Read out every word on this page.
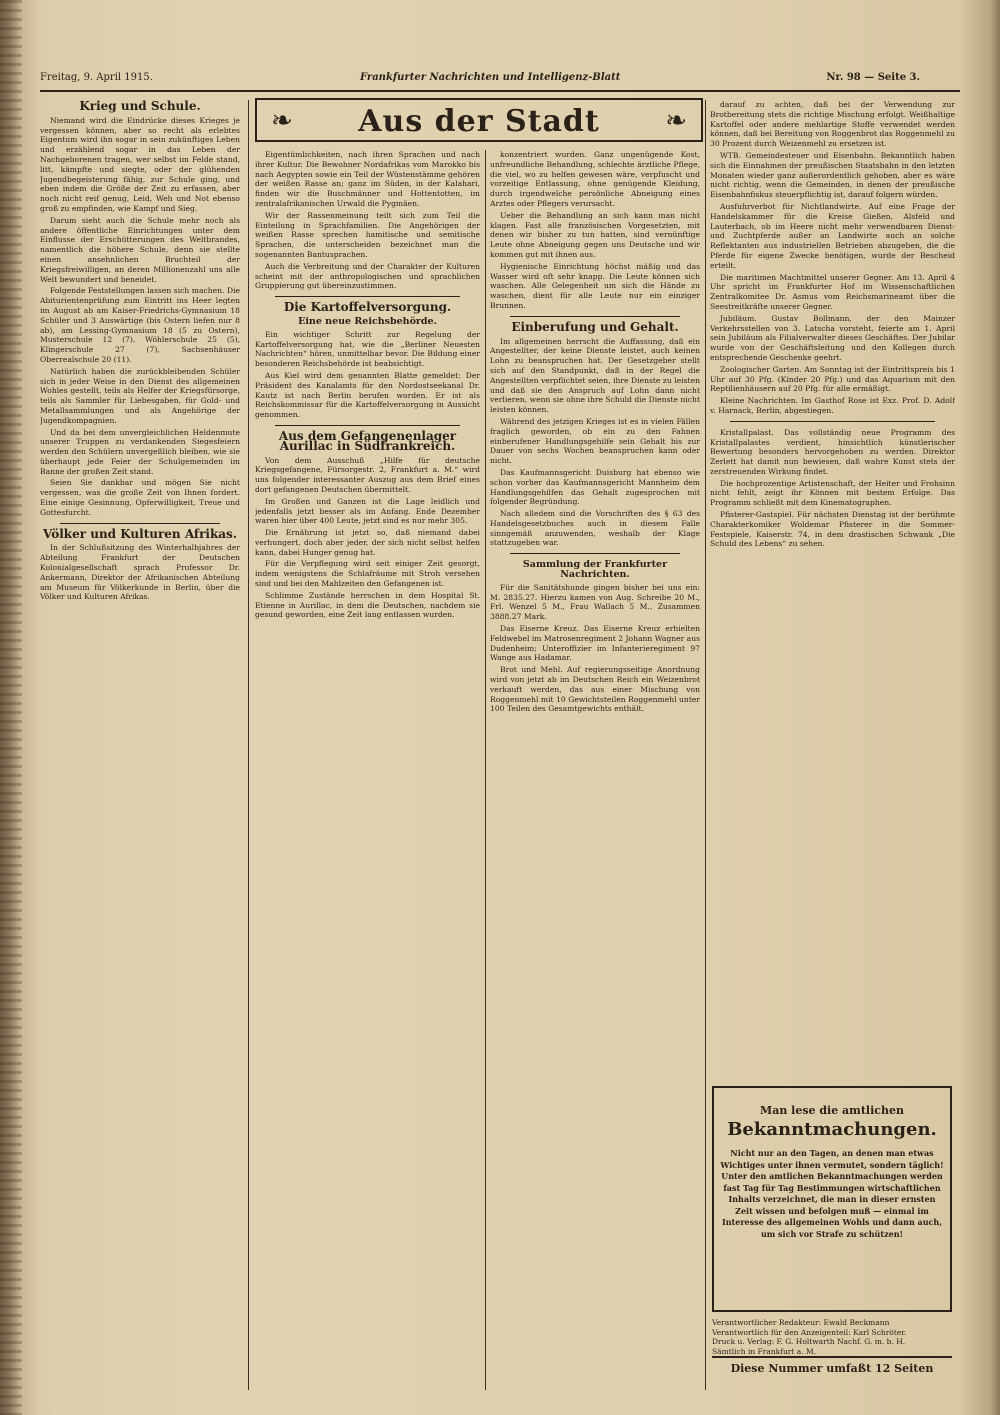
Freitag, 9. April 1915.	Frankfurter Nachrichten und Intelligenz-Blatt	Nr. 98 — Seite 3.
❧	Aus der Stadt	❧
Krieg und Schule.

Niemand wird die Eindrücke dieses Krieges je vergessen können, aber so recht als erlebtes Eigentum wird ihn sogar in sein zukünftiges Leben und erzählend sogar in das Leben der Nachgeborenen tragen, wer selbst im Felde stand, litt, kämpfte und siegte, oder der glühenden Jugendbegeisterung fähig, zur Schule ging, und eben indem die Größe der Zeit zu erfassen, aber noch nicht reif genug, Leid, Weh und Not ebenso groß zu empfinden, wie Kampf und Sieg.

Darum sieht auch die Schule mehr noch als andere öffentliche Einrichtungen unter dem Einflusse der Erschütterungen des Weltbrandes, namentlich die höhere Schule, denn sie stellte einen ansehnlichen Bruchteil der Kriegsfreiwilligen, an deren Millionenzahl uns alle Welt bewundert und beneidet.

Folgende Feststellungen lassen sich machen. Die Abiturientenprüfung zum Eintritt ins Heer legten im August ab am Kaiser-Friedrichs-Gymnasium 18 Schüler und 3 Auswärtige (bis Ostern liefen nur 8 ab), am Lessing-Gymnasium 18 (5 zu Ostern), Musterschule 12 (7), Wöhlerschule 25 (5), Klingerschule 27 (7), Sachsenhäuser Oberrealschule 20 (11).

Natürlich haben die zurückbleibenden Schüler sich in jeder Weise in den Dienst des allgemeinen Wohles gestellt, teils als Helfer der Kriegsfürsorge, teils als Sammler für Liebesgaben, für Gold- und Metallsammlungen und als Angehörige der Jugendkompagnien.

Und da bei dem unvergleichlichen Heldenmute unserer Truppen zu verdankenden Siegesfeiern werden den Schülern unvergeßlich bleiben, wie sie überhaupt jede Feier der Schulgemeinden im Banne der großen Zeit stand.

Seien Sie dankbar und mögen Sie nicht vergessen, was die große Zeit von Ihnen fordert. Eine einige Gesinnung, Opferwilligkeit, Treue und Gottesfurcht.

Völker und Kulturen Afrikas.

In der Schlußsitzung des Winterhalbjahres der Abteilung Frankfurt der Deutschen Kolonialgesellschaft sprach Professor Dr. Ankermann, Direktor der Afrikanischen Abteilung am Museum für Völkerkunde in Berlin, über die Völker und Kulturen Afrikas.

Eigentümlichkeiten, nach ihren Sprachen und nach ihrer Kultur. Die Bewohner Nordafrikas vom Marokko bis nach Aegypten sowie ein Teil der Wüstenstämme gehören der weißen Rasse an; ganz im Süden, in der Kalahari, finden wir die Buschmänner und Hottentotten, im zentralafrikanischen Urwald die Pygmäen.

Wir der Rassenmeinung teilt sich zum Teil die Einteilung in Sprachfamilien. Die Angehörigen der weißen Rasse sprechen hamitische und semitische Sprachen, die unterscheiden bezeichnet man die sogenannten Bantusprachen.

Auch die Verbreitung und der Charakter der Kulturen scheint mit der anthropologischen und sprachlichen Gruppierung gut übereinzustimmen.

Die Kartoffelversorgung.
Eine neue Reichsbehörde.

Ein wichtiger Schritt zur Regelung der Kartoffelversorgung hat, wie die „Berliner Neuesten Nachrichten“ hören, unmittelbar bevor. Die Bildung einer besonderen Reichsbehörde ist beabsichtigt.

Aus Kiel wird dem genannten Blatte gemeldet: Der Präsident des Kanalamts für den Nordostseekanal Dr. Kautz ist nach Berlin berufen worden. Er ist als Reichskommissar für die Kartoffelversorgung in Aussicht genommen.

Aus dem Gefangenenlager Aurillac in Südfrankreich.

Von dem Ausschuß „Hilfe für deutsche Kriegsgefangene, Fürsorgestr. 2, Frankfurt a. M.“ wird uns folgender interessanter Auszug aus dem Brief eines dort gefangenen Deutschen übermittelt.

Im Großen und Ganzen ist die Lage leidlich und jedenfalls jetzt besser als im Anfang. Ende Dezember waren hier über 400 Leute, jetzt sind es nur mehr 305.

Die Ernährung ist jetzt so, daß niemand dabei verhungert, doch aber jeder, der sich nicht selbst helfen kann, dabei Hunger genug hat.

Für die Verpflegung wird seit einiger Zeit gesorgt, indem wenigstens die Schlafräume mit Stroh versehen sind und bei den Mahlzeiten den Gefangenen ist.

Schlimme Zustände herrschen in dem Hospital St. Etienne in Aurillac, in dem die Deutschen, nachdem sie gesund geworden, eine Zeit lang entlassen wurden.

konzentriert wurden. Ganz ungenügende Kost, unfreundliche Behandlung, schlechte ärztliche Pflege, die viel, wo zu helfen gewesen wäre, verpfuscht und vorzeitige Entlassung, ohne genügende Kleidung, durch irgendwelche persönliche Abneigung eines Arztes oder Pflegers verursacht.

Ueber die Behandlung an sich kann man nicht klagen. Fast alle französischen Vorgesetzten, mit denen wir bisher zu tun hatten, sind vernünftige Leute ohne Abneigung gegen uns Deutsche und wir kommen gut mit ihnen aus.

Hygienische Einrichtung höchst mäßig und das Wasser wird oft sehr knapp. Die Leute können sich waschen. Alle Gelegenheit um sich die Hände zu waschen, dient für alle Leute nur ein einziger Brunnen.

Einberufung und Gehalt.

Im allgemeinen herrscht die Auffassung, daß ein Angestellter, der keine Dienste leistet, auch keinen Lohn zu beanspruchen hat. Der Gesetzgeber stellt sich auf den Standpunkt, daß in der Regel die Angestellten verpflichtet seien, ihre Dienste zu leisten und daß sie den Anspruch auf Lohn dann nicht verlieren, wenn sie ohne ihre Schuld die Dienste nicht leisten können.

Während des jetzigen Krieges ist es in vielen Fällen fraglich geworden, ob ein zu den Fahnen einberufener Handlungsgehilfe sein Gehalt bis zur Dauer von sechs Wochen beanspruchen kann oder nicht.

Das Kaufmannsgericht Duisburg hat ebenso wie schon vorher das Kaufmannsgericht Mannheim dem Handlungsgehilfen das Gehalt zugesprochen mit folgender Begründung.

Nach alledem sind die Vorschriften des § 63 des Handelsgesetzbuches auch in diesem Falle sinngemäß anzuwenden, weshalb der Klage stattzugeben war.

Sammlung der Frankfurter Nachrichten.

Für die Sanitätshunde gingen bisher bei uns ein: M. 2835.27. Hierzu kamen von Aug. Schreibe 20 M., Frl. Wenzel 5 M., Frau Wallach 5 M., Zusammen 3888.27 Mark.

Das Eiserne Kreuz. Das Eiserne Kreuz erhielten Feldwebel im Matrosenregiment 2 Johann Wagner aus Dudenheim; Unteroffizier im Infanterieregiment 97 Wange aus Hadamar.

Brot und Mehl. Auf regierungsseitige Anordnung wird von jetzt ab im Deutschen Reich ein Weizenbrot verkauft werden, das aus einer Mischung von Roggenmehl mit 10 Gewichtsteilen Roggenmehl unter 100 Teilen des Gesamtgewichts enthält.

darauf zu achten, daß bei der Verwendung zur Brotbereitung stets die richtige Mischung erfolgt. Weißhaltige Kartoffel oder andere mehlartige Stoffe verwendet werden können, daß bei Bereitung von Roggenbrot das Roggenmehl zu 30 Prozent durch Weizenmehl zu ersetzen ist.

WTB. Gemeindesteuer und Eisenbahn. Bekanntlich haben sich die Einnahmen der preußischen Staatsbahn in den letzten Monaten wieder ganz außerordentlich gehoben, aber es wäre nicht richtig, wenn die Gemeinden, in denen der preußische Eisenbahnfiskus steuerpflichtig ist, darauf folgern würden.

Ausfuhrverbot für Nichtlandwirte. Auf eine Frage der Handelskammer für die Kreise Gießen, Alsfeld und Lauterbach, ob im Heere nicht mehr verwendbaren Dienst- und Zuchtpferde außer an Landwirte auch an solche Reflektanten aus industriellen Betrieben abzugeben, die die Pferde für eigene Zwecke benötigen, wurde der Bescheid erteilt.

Die maritimen Machtmittel unserer Gegner. Am 13. April 4 Uhr spricht im Frankfurter Hof im Wissenschaftlichen Zentralkomitee Dr. Asmus vom Reichsmarineamt über die Seestreitkräfte unserer Gegner.

Jubiläum. Gustav Bollmann, der den Mainzer Verkehrsstellen von 3. Latscha vorsteht, feierte am 1. April sein Jubiläum als Filialverwalter dieses Geschäftes. Der Jubilar wurde von der Geschäftsleitung und den Kollegen durch entsprechende Geschenke geehrt.

Zoologischer Garten. Am Sonntag ist der Eintrittspreis bis 1 Uhr auf 30 Pfg. (Kinder 20 Pfg.) und das Aquarium mit den Reptilienhäusern auf 20 Pfg. für alle ermäßigt.

Kleine Nachrichten. Im Gasthof Rose ist Exz. Prof. D. Adolf v. Harnack, Berlin, abgestiegen.

Kristallpalast. Das vollständig neue Programm des Kristallpalastes verdient, hinsichtlich künstlerischer Bewertung besonders hervorgehoben zu werden. Direktor Zerlett hat damit nun bewiesen, daß wahre Kunst stets der zerstreuenden Wirkung findet.

Die hochprozentige Artistenschaft, der Heiter und Frohsinn nicht fehlt, zeigt ihr Können mit bestem Erfolge. Das Programm schließt mit dem Kinematographen.

Pfisterer-Gastspiel. Für nächsten Dienstag ist der berühmte Charakterkomiker Woldemar Pfisterer in die Sommer-Festspiele, Kaiserstr. 74, in dem drastischen Schwank „Die Schuld des Lebens“ zu sehen.

Man lese die amtlichen
Bekanntmachungen.
Nicht nur an den Tagen, an denen man etwas Wichtiges unter ihnen vermutet, sondern täglich! Unter den amtlichen Bekanntmachungen werden fast Tag für Tag Bestimmungen wirtschaftlichen Inhalts verzeichnet, die man in dieser ernsten Zeit wissen und befolgen muß — einmal im Interesse des allgemeinen Wohls und dann auch, um sich vor Strafe zu schützen!
Verantwortlicher Redakteur: Ewald Beckmann
Verantwortlich für den Anzeigenteil: Karl Schröter.
Druck u. Verlag: F. G. Holtwarth Nachf. G. m. b. H.
Sämtlich in Frankfurt a. M.
Diese Nummer umfaßt 12 Seiten
